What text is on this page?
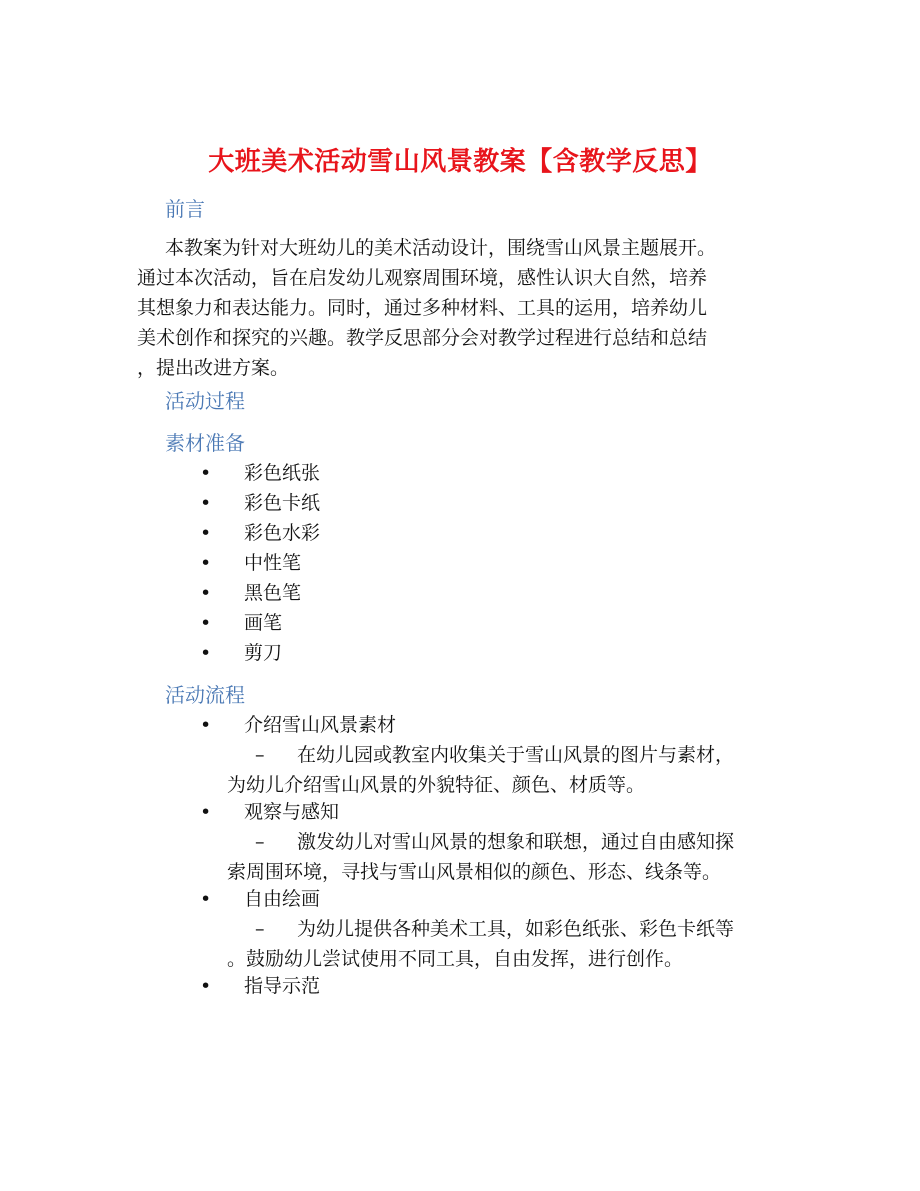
大班美术活动雪山风景教案【含教学反思】
前言
本教案为针对大班幼儿的美术活动设计，围绕雪山风景主题展开。
通过本次活动，旨在启发幼儿观察周围环境，感性认识大自然，培养
其想象力和表达能力。同时，通过多种材料、工具的运用，培养幼儿
美术创作和探究的兴趣。教学反思部分会对教学过程进行总结和总结
，提出改进方案。
活动过程
素材准备
• 彩色纸张
• 彩色卡纸
• 彩色水彩
• 中性笔
• 黑色笔
• 画笔
• 剪刀
活动流程
• 介绍雪山风景素材
– 在幼儿园或教室内收集关于雪山风景的图片与素材，
为幼儿介绍雪山风景的外貌特征、颜色、材质等。
• 观察与感知
– 激发幼儿对雪山风景的想象和联想，通过自由感知探
索周围环境，寻找与雪山风景相似的颜色、形态、线条等。
• 自由绘画
– 为幼儿提供各种美术工具，如彩色纸张、彩色卡纸等
。鼓励幼儿尝试使用不同工具，自由发挥，进行创作。
• 指导示范
